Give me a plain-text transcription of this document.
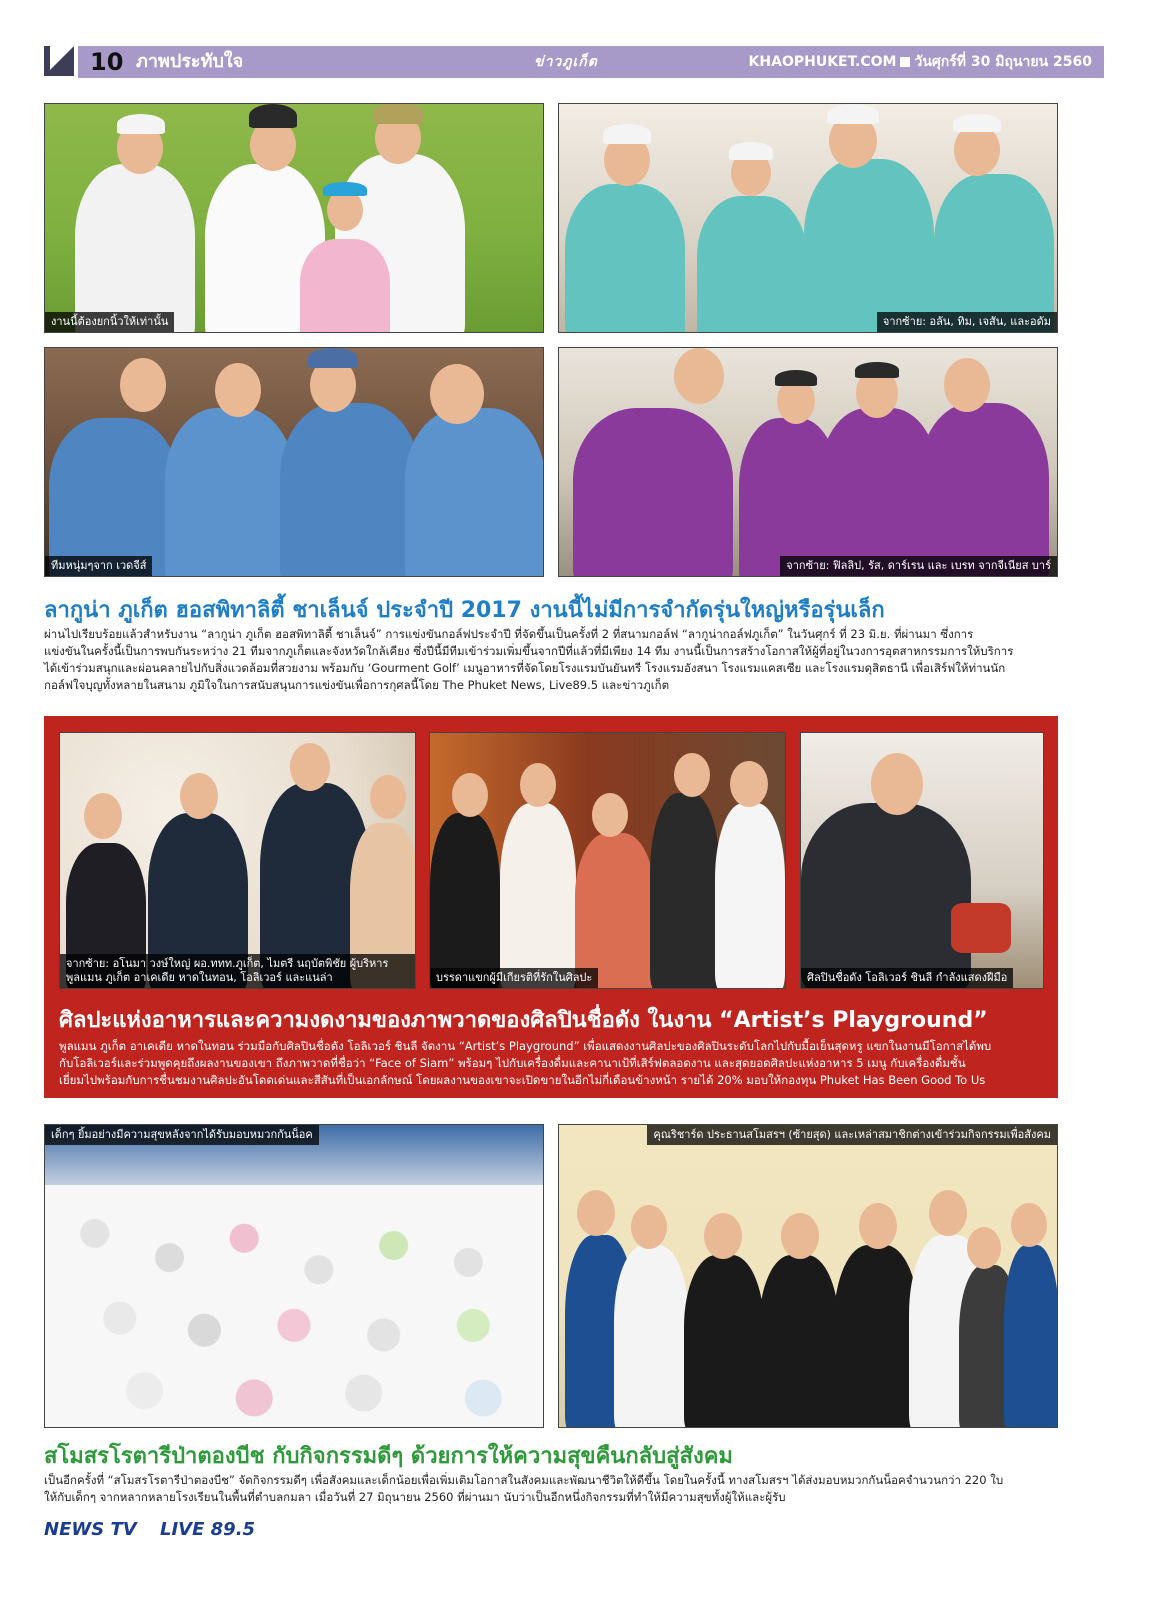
10 ภาพประทับใจ	ข่าวภูเก็ต	KHAOPHUKET.COM วันศุกร์ที่ 30 มิถุนายน 2560
งานนี้ต้องยกนิ้วให้เท่านั้น	จากซ้าย: อลัน, ทิม, เจสัน, และอดัม
ทีมหนุ่มๆจาก เวดจีส์	จากซ้าย: ฟิลลิป, รัส, ดาร์เรน และ เบรท จากจีเนียส บาร์
ลากูน่า ภูเก็ต ฮอสพิทาลิตี้ ชาเล็นจ์ ประจำปี 2017 งานนี้ไม่มีการจำกัดรุ่นใหญ่หรือรุ่นเล็ก
ผ่านไปเรียบร้อยแล้วสำหรับงาน “ลากูน่า ภูเก็ต ฮอสพิทาลิตี้ ชาเล็นจ์” การแข่งขันกอล์ฟประจำปี ที่จัดขึ้นเป็นครั้งที่ 2 ที่สนามกอล์ฟ “ลากูน่ากอล์ฟภูเก็ต” ในวันศุกร์ ที่ 23 มิ.ย. ที่ผ่านมา ซึ่งการ
แข่งขันในครั้งนี้เป็นการพบกันระหว่าง 21 ทีมจากภูเก็ตและจังหวัดใกล้เคียง ซึ่งปีนี้มีทีมเข้าร่วมเพิ่มขึ้นจากปีที่แล้วที่มีเพียง 14 ทีม งานนี้เป็นการสร้างโอกาสให้ผู้ที่อยู่ในวงการอุตสาหกรรมการให้บริการ
ได้เข้าร่วมสนุกและผ่อนคลายไปกับสิ่งแวดล้อมที่สวยงาม พร้อมกับ ‘Gourment Golf’ เมนูอาหารที่จัดโดยโรงแรมบันยันทรี โรงแรมอังสนา โรงแรมแคสเซีย และโรงแรมดุสิตธานี เพื่อเสิร์ฟให้ท่านนัก
กอล์ฟใจบุญทั้งหลายในสนาม ภูมิใจในการสนับสนุนการแข่งขันเพื่อการกุศลนี้โดย The Phuket News, Live89.5 และข่าวภูเก็ต
จากซ้าย: อโนมา วงษ์ใหญ่ ผอ.ททท.ภูเก็ต, ไมตรี นฤบัตพิชัย ผู้บริหาร
พูลแมน ภูเก็ต อาเคเดีย หาดในทอน, โอลิเวอร์ และแนล่า	บรรดาแขกผู้มีเกียรติที่รักในศิลปะ	ศิลปินชื่อดัง โอลิเวอร์ ชินลี กำลังแสดงฝีมือ
ศิลปะแห่งอาหารและความงดงามของภาพวาดของศิลปินชื่อดัง ในงาน “Artist’s Playground”
พูลแมน ภูเก็ต อาเคเดีย หาดในทอน ร่วมมือกับศิลปินชื่อดัง โอลิเวอร์ ชินลี จัดงาน “Artist’s Playground” เพื่อแสดงงานศิลปะของศิลปินระดับโลกไปกับมื้อเย็นสุดหรู แขกในงานมีโอกาสได้พบ
กับโอลิเวอร์และร่วมพูดคุยถึงผลงานของเขา ถึงภาพวาดที่ชื่อว่า “Face of Siam” พร้อมๆ ไปกับเครื่องดื่มและคานาเป้ที่เสิร์ฟตลอดงาน และสุดยอดศิลปะแห่งอาหาร 5 เมนู กับเครื่องดื่มชั้น
เยี่ยมไปพร้อมกับการชื่นชมงานศิลปะอันโดดเด่นและสีสันที่เป็นเอกลักษณ์ โดยผลงานของเขาจะเปิดขายในอีกไม่กี่เดือนข้างหน้า รายได้ 20% มอบให้กองทุน Phuket Has Been Good To Us
เด็กๆ ยิ้มอย่างมีความสุขหลังจากได้รับมอบหมวกกันน็อค	คุณริชาร์ด ประธานสโมสรฯ (ซ้ายสุด) และเหล่าสมาชิกต่างเข้าร่วมกิจกรรมเพื่อสังคม
สโมสรโรตารีป่าตองบีช กับกิจกรรมดีๆ ด้วยการให้ความสุขคืนกลับสู่สังคม
เป็นอีกครั้งที่ “สโมสรโรตารีป่าตองบีช” จัดกิจกรรมดีๆ เพื่อสังคมและเด็กน้อยเพื่อเพิ่มเติมโอกาสในสังคมและพัฒนาชีวิตให้ดีขึ้น โดยในครั้งนี้ ทางสโมสรฯ ได้ส่งมอบหมวกกันน็อคจำนวนกว่า 220 ใบ
ให้กับเด็กๆ จากหลากหลายโรงเรียนในพื้นที่ตำบลกมลา เมื่อวันที่ 27 มิถุนายน 2560 ที่ผ่านมา นับว่าเป็นอีกหนึ่งกิจกรรมที่ทำให้มีความสุขทั้งผู้ให้และผู้รับ
NEWS TV LIVE 89.5
